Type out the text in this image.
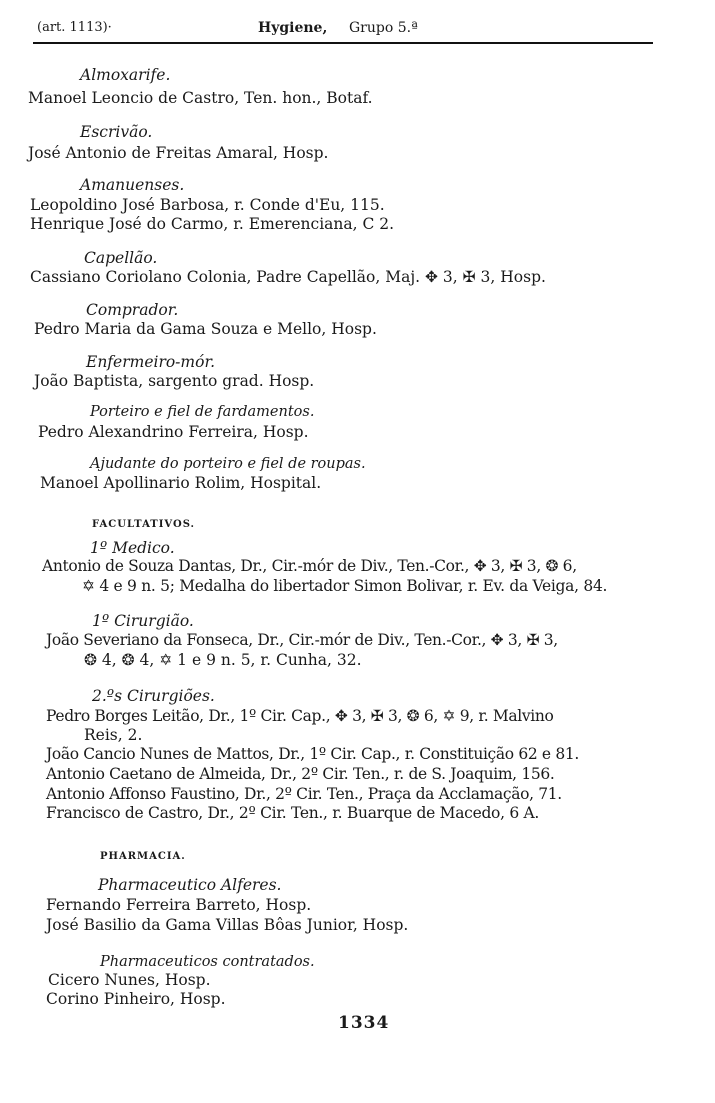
(art. 1113)·	Hygiene, Grupo 5.ª
Almoxarife.
Manoel Leoncio de Castro, Ten. hon., Botaf.
Escrivão.
José Antonio de Freitas Amaral, Hosp.
Amanuenses.
Leopoldino José Barbosa, r. Conde d'Eu, 115.
Henrique José do Carmo, r. Emerenciana, C 2.
Capellão.
Cassiano Coriolano Colonia, Padre Capellão, Maj. ✥ 3, ✠ 3, Hosp.
Comprador.
Pedro Maria da Gama Souza e Mello, Hosp.
Enfermeiro-mór.
João Baptista, sargento grad. Hosp.
Porteiro e fiel de fardamentos.
Pedro Alexandrino Ferreira, Hosp.
Ajudante do porteiro e fiel de roupas.
Manoel Apollinario Rolim, Hospital.
FACULTATIVOS.
1º Medico.
Antonio de Souza Dantas, Dr., Cir.-mór de Div., Ten.-Cor., ✥ 3, ✠ 3, ❂ 6,
✡ 4 e 9 n. 5; Medalha do libertador Simon Bolivar, r. Ev. da Veiga, 84.
1º Cirurgião.
João Severiano da Fonseca, Dr., Cir.-mór de Div., Ten.-Cor., ✥ 3, ✠ 3,
❂ 4, ❂ 4, ✡ 1 e 9 n. 5, r. Cunha, 32.
2.ºs Cirurgiões.
Pedro Borges Leitão, Dr., 1º Cir. Cap., ✥ 3, ✠ 3, ❂ 6, ✡ 9, r. Malvino
Reis, 2.
João Cancio Nunes de Mattos, Dr., 1º Cir. Cap., r. Constituição 62 e 81.
Antonio Caetano de Almeida, Dr., 2º Cir. Ten., r. de S. Joaquim, 156.
Antonio Affonso Faustino, Dr., 2º Cir. Ten., Praça da Acclamação, 71.
Francisco de Castro, Dr., 2º Cir. Ten., r. Buarque de Macedo, 6 A.
PHARMACIA.
Pharmaceutico Alferes.
Fernando Ferreira Barreto, Hosp.
José Basilio da Gama Villas Bôas Junior, Hosp.
Pharmaceuticos contratados.
Cicero Nunes, Hosp.
Corino Pinheiro, Hosp.
1334
